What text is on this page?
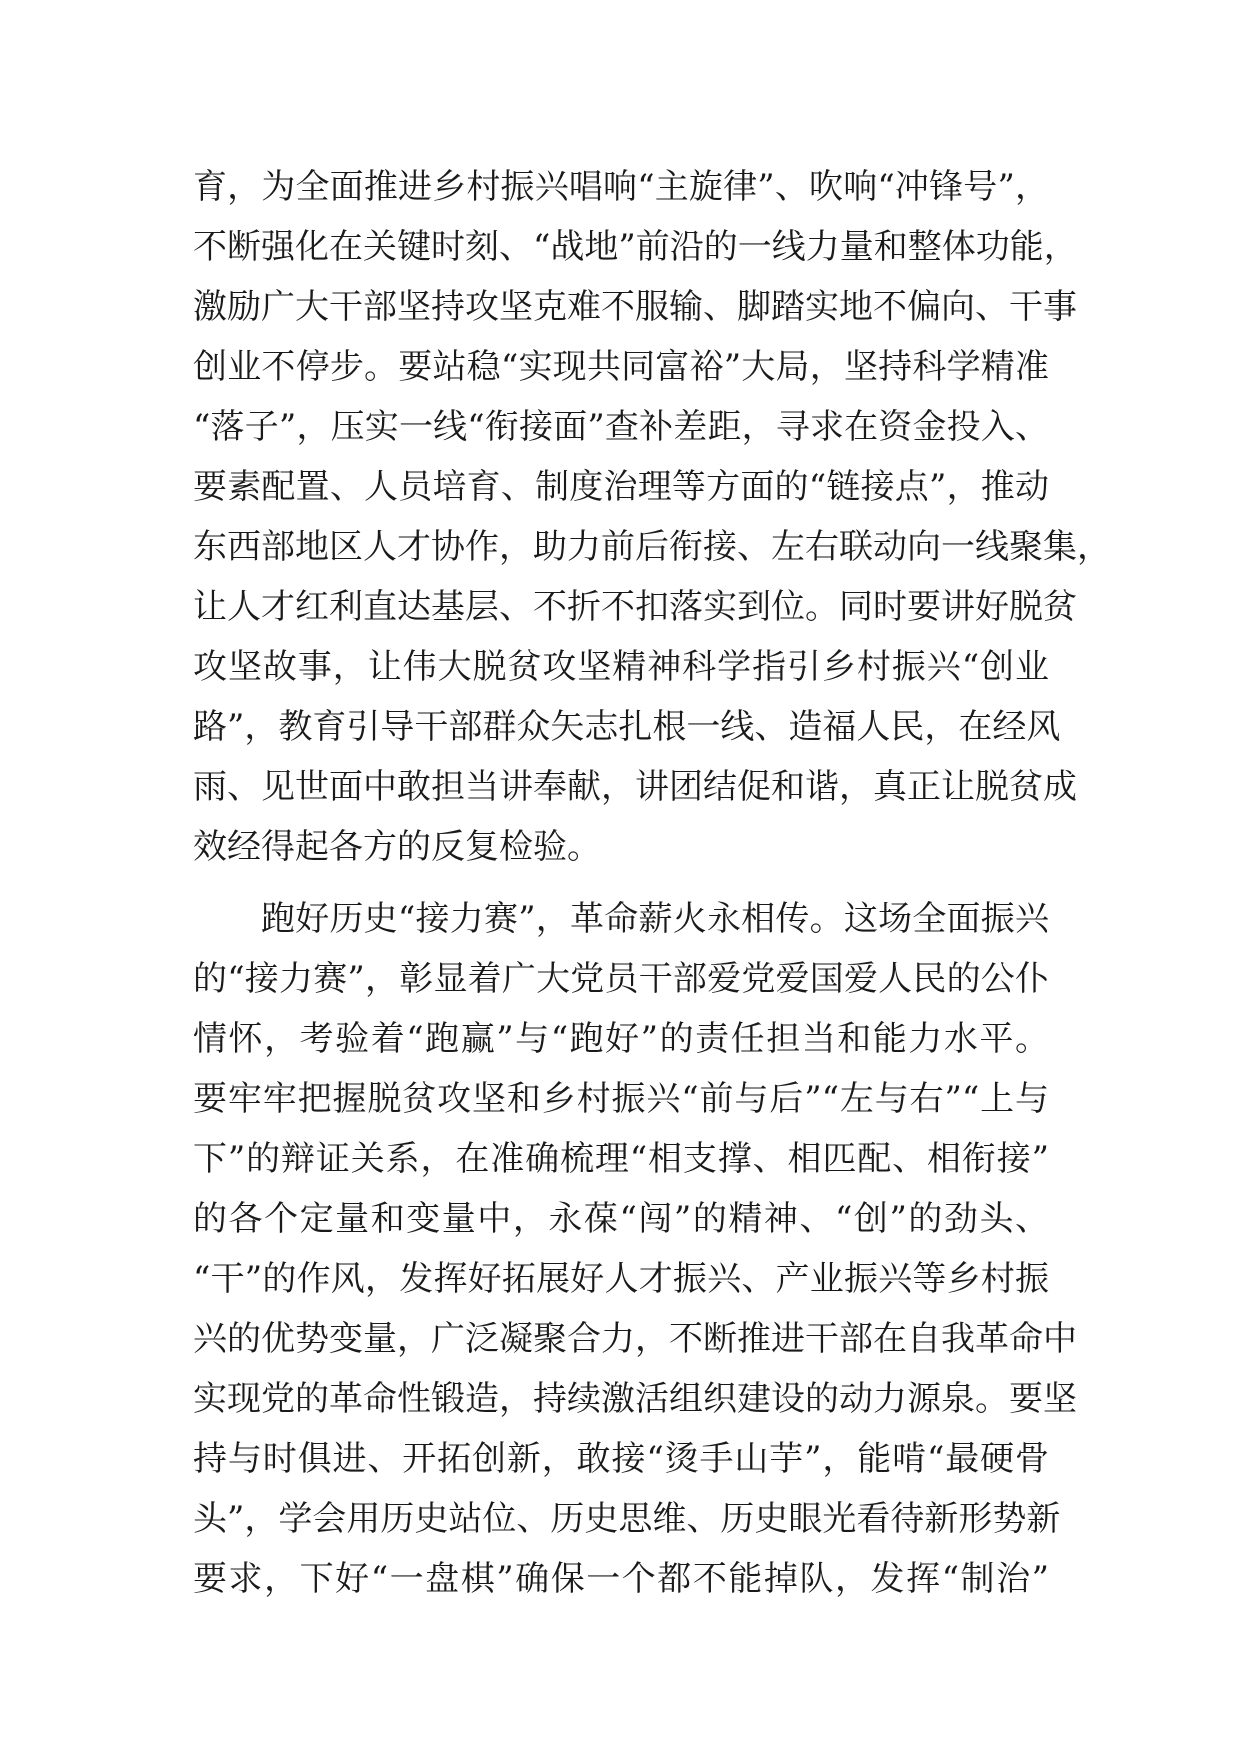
育，为全面推进乡村振兴唱响“主旋律”、吹响“冲锋号”，
不断强化在关键时刻、“战地”前沿的一线力量和整体功能，
激励广大干部坚持攻坚克难不服输、脚踏实地不偏向、干事
创业不停步。要站稳“实现共同富裕”大局，坚持科学精准
“落子”，压实一线“衔接面”查补差距，寻求在资金投入、
要素配置、人员培育、制度治理等方面的“链接点”，推动
东西部地区人才协作，助力前后衔接、左右联动向一线聚集，
让人才红利直达基层、不折不扣落实到位。同时要讲好脱贫
攻坚故事，让伟大脱贫攻坚精神科学指引乡村振兴“创业
路”，教育引导干部群众矢志扎根一线、造福人民，在经风
雨、见世面中敢担当讲奉献，讲团结促和谐，真正让脱贫成
效经得起各方的反复检验。
跑好历史“接力赛”，革命薪火永相传。这场全面振兴
的“接力赛”，彰显着广大党员干部爱党爱国爱人民的公仆
情怀，考验着“跑赢”与“跑好”的责任担当和能力水平。
要牢牢把握脱贫攻坚和乡村振兴“前与后”“左与右”“上与
下”的辩证关系，在准确梳理“相支撑、相匹配、相衔接”
的各个定量和变量中，永葆“闯”的精神、“创”的劲头、
“干”的作风，发挥好拓展好人才振兴、产业振兴等乡村振
兴的优势变量，广泛凝聚合力，不断推进干部在自我革命中
实现党的革命性锻造，持续激活组织建设的动力源泉。要坚
持与时俱进、开拓创新，敢接“烫手山芋”，能啃“最硬骨
头”，学会用历史站位、历史思维、历史眼光看待新形势新
要求，下好“一盘棋”确保一个都不能掉队，发挥“制治”
